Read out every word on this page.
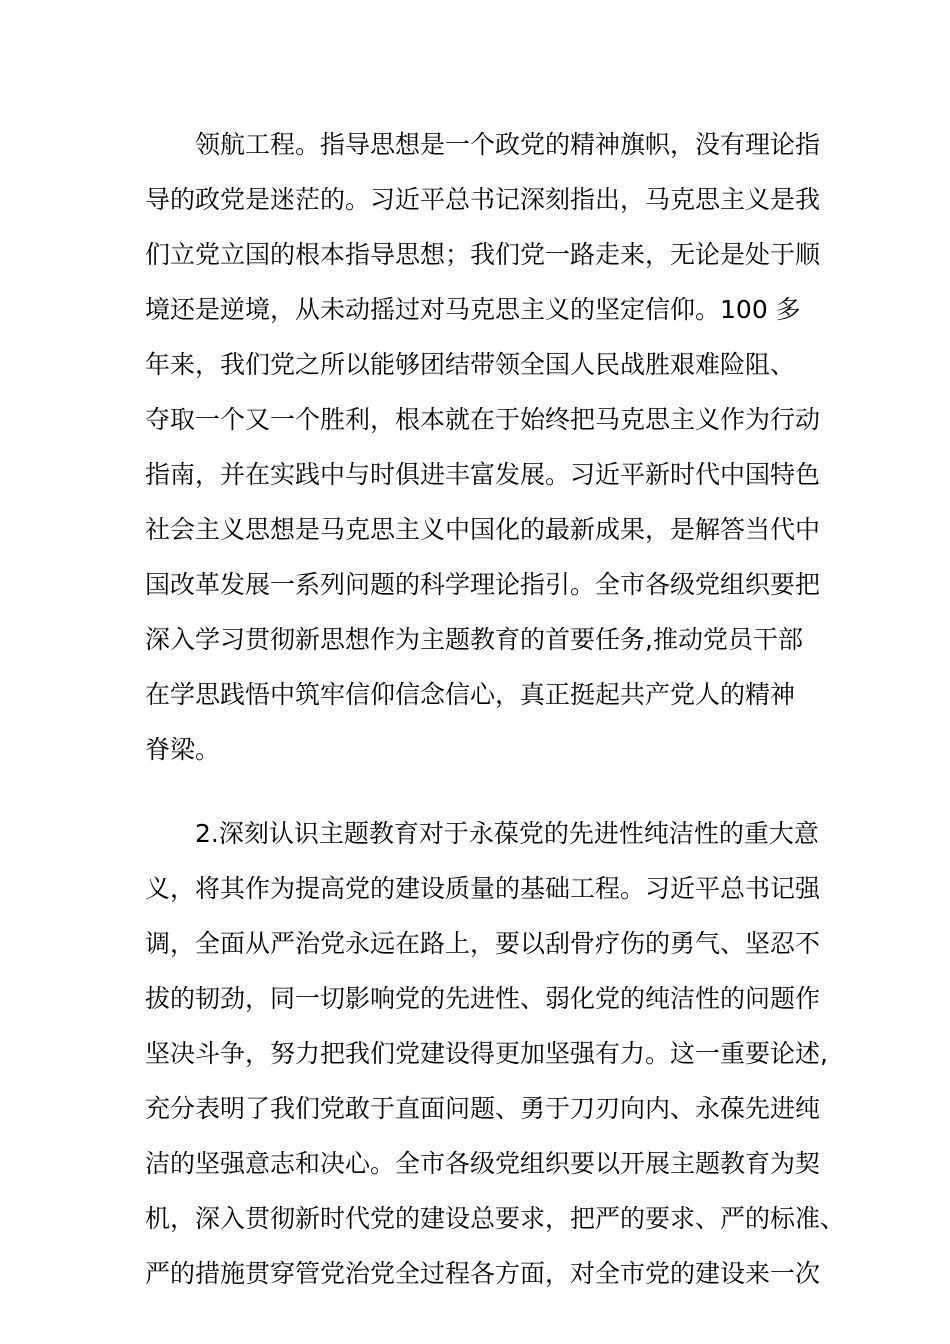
领航工程。指导思想是一个政党的精神旗帜，没有理论指
导的政党是迷茫的。习近平总书记深刻指出，马克思主义是我
们立党立国的根本指导思想；我们党一路走来，无论是处于顺
境还是逆境，从未动摇过对马克思主义的坚定信仰。100 多
年来，我们党之所以能够团结带领全国人民战胜艰难险阻、
夺取一个又一个胜利，根本就在于始终把马克思主义作为行动
指南，并在实践中与时俱进丰富发展。习近平新时代中国特色
社会主义思想是马克思主义中国化的最新成果，是解答当代中
国改革发展一系列问题的科学理论指引。全市各级党组织要把
深入学习贯彻新思想作为主题教育的首要任务,推动党员干部
在学思践悟中筑牢信仰信念信心，真正挺起共产党人的精神
脊梁。
2.深刻认识主题教育对于永葆党的先进性纯洁性的重大意
义，将其作为提高党的建设质量的基础工程。习近平总书记强
调，全面从严治党永远在路上，要以刮骨疗伤的勇气、坚忍不
拔的韧劲，同一切影响党的先进性、弱化党的纯洁性的问题作
坚决斗争，努力把我们党建设得更加坚强有力。这一重要论述,
充分表明了我们党敢于直面问题、勇于刀刃向内、永葆先进纯
洁的坚强意志和决心。全市各级党组织要以开展主题教育为契
机，深入贯彻新时代党的建设总要求，把严的要求、严的标准、
严的措施贯穿管党治党全过程各方面，对全市党的建设来一次
